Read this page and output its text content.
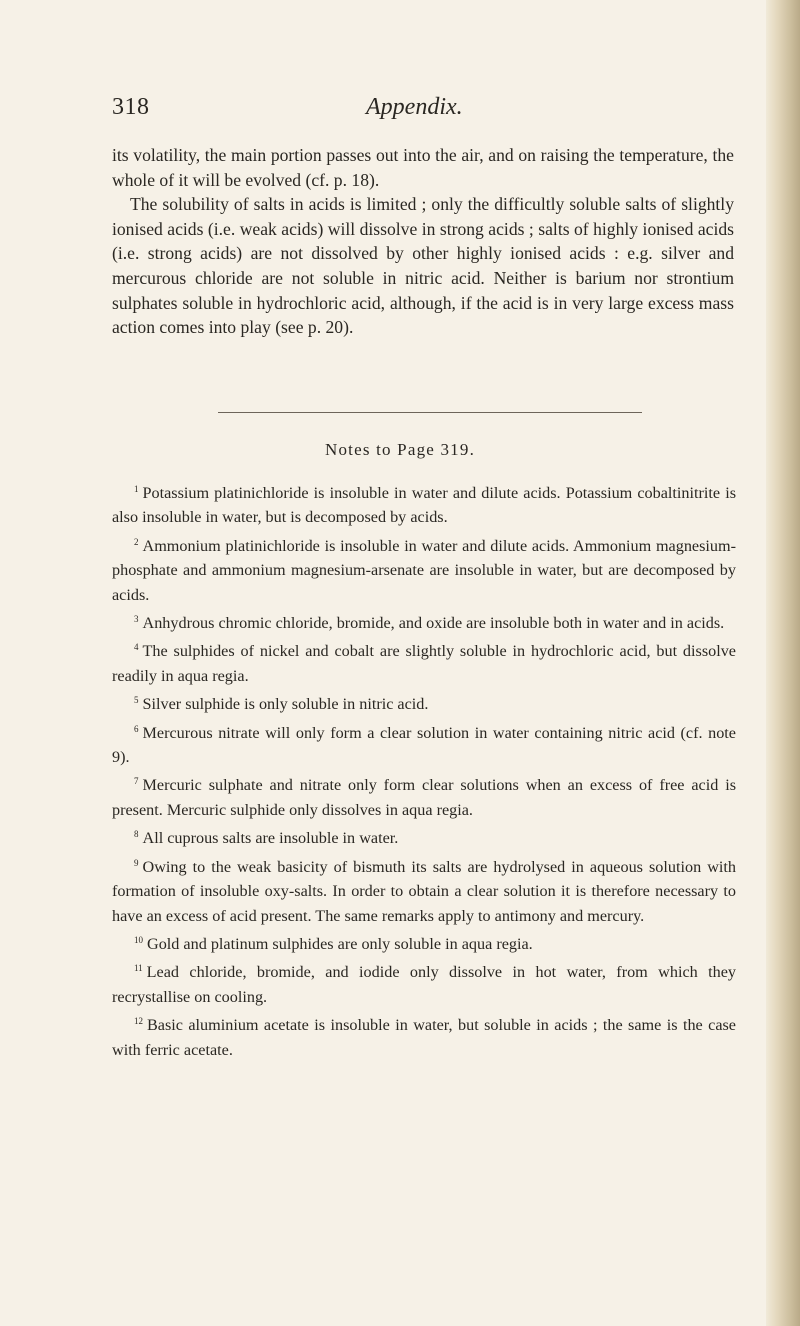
318	Appendix.

its volatility, the main portion passes out into the air, and on raising the temperature, the whole of it will be evolved (cf. p. 18).

The solubility of salts in acids is limited ; only the difficultly soluble salts of slightly ionised acids (i.e. weak acids) will dissolve in strong acids ; salts of highly ionised acids (i.e. strong acids) are not dissolved by other highly ionised acids : e.g. silver and mercurous chloride are not soluble in nitric acid. Neither is barium nor strontium sulphates soluble in hydrochloric acid, although, if the acid is in very large excess mass action comes into play (see p. 20).

Notes to Page 319.

$^1$ Potassium platinichloride is insoluble in water and dilute acids. Potassium cobaltinitrite is also insoluble in water, but is decomposed by acids.

$^2$ Ammonium platinichloride is insoluble in water and dilute acids. Ammonium magnesium-phosphate and ammonium magnesium-arsenate are insoluble in water, but are decomposed by acids.

$^3$ Anhydrous chromic chloride, bromide, and oxide are insoluble both in water and in acids.

$^4$ The sulphides of nickel and cobalt are slightly soluble in hydrochloric acid, but dissolve readily in aqua regia.

$^5$ Silver sulphide is only soluble in nitric acid.

$^6$ Mercurous nitrate will only form a clear solution in water containing nitric acid (cf. note 9).

$^7$ Mercuric sulphate and nitrate only form clear solutions when an excess of free acid is present. Mercuric sulphide only dissolves in aqua regia.

$^8$ All cuprous salts are insoluble in water.

$^9$ Owing to the weak basicity of bismuth its salts are hydrolysed in aqueous solution with formation of insoluble oxy-salts. In order to obtain a clear solution it is therefore necessary to have an excess of acid present. The same remarks apply to antimony and mercury.

$^{10}$ Gold and platinum sulphides are only soluble in aqua regia.

$^{11}$ Lead chloride, bromide, and iodide only dissolve in hot water, from which they recrystallise on cooling.

$^{12}$ Basic aluminium acetate is insoluble in water, but soluble in acids ; the same is the case with ferric acetate.
